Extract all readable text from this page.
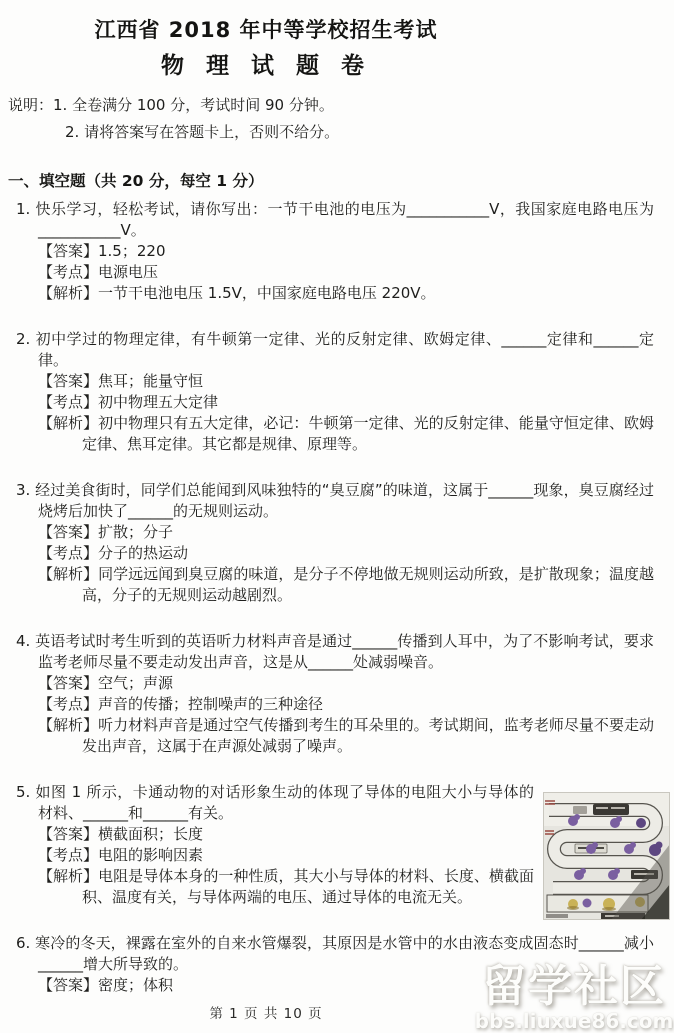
江西省 2018 年中等学校招生考试
物 理 试 题 卷
说明：1. 全卷满分 100 分，考试时间 90 分钟。
2. 请将答案写在答题卡上，否则不给分。
一、填空题（共 20 分，每空 1 分）
1. 快乐学习，轻松考试，请你写出：一节干电池的电压为___________V，我国家庭电路电压为___________V。
【答案】1.5；220
【考点】电源电压
【解析】一节干电池电压 1.5V，中国家庭电路电压 220V。
2. 初中学过的物理定律，有牛顿第一定律、光的反射定律、欧姆定律、______定律和______定律。
【答案】焦耳；能量守恒
【考点】初中物理五大定律
【解析】初中物理只有五大定律，必记：牛顿第一定律、光的反射定律、能量守恒定律、欧姆定律、焦耳定律。其它都是规律、原理等。
3. 经过美食街时，同学们总能闻到风味独特的“臭豆腐”的味道，这属于______现象，臭豆腐经过烧烤后加快了______的无规则运动。
【答案】扩散；分子
【考点】分子的热运动
【解析】同学远远闻到臭豆腐的味道，是分子不停地做无规则运动所致，是扩散现象；温度越高，分子的无规则运动越剧烈。
4. 英语考试时考生听到的英语听力材料声音是通过______传播到人耳中，为了不影响考试，要求监考老师尽量不要走动发出声音，这是从______处减弱噪音。
【答案】空气；声源
【考点】声音的传播；控制噪声的三种途径
【解析】听力材料声音是通过空气传播到考生的耳朵里的。考试期间，监考老师尽量不要走动发出声音，这属于在声源处减弱了噪声。
5. 如图 1 所示，卡通动物的对话形象生动的体现了导体的电阻大小与导体的材料、______和______有关。
【答案】横截面积；长度
【考点】电阻的影响因素
【解析】电阻是导体本身的一种性质，其大小与导体的材料、长度、横截面积、温度有关，与导体两端的电压、通过导体的电流无关。
6. 寒冷的冬天，裸露在室外的自来水管爆裂，其原因是水管中的水由液态变成固态时______减小______增大所导致的。
【答案】密度；体积
第 1 页 共 10 页
留学社区
bbs.liuxue86.com
